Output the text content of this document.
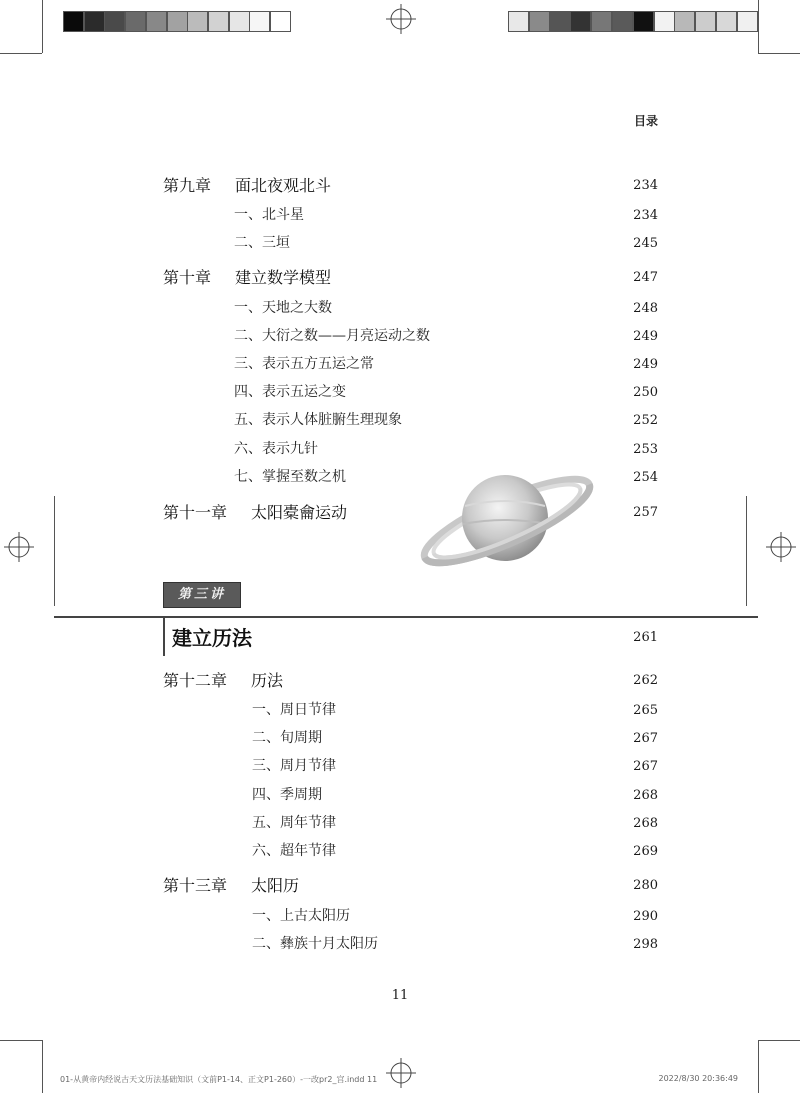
目录
第九章 面北夜观北斗	234
一、北斗星	234
二、三垣	245
第十章 建立数学模型	247
一、天地之大数	248
二、大衍之数——月亮运动之数	249
三、表示五方五运之常	249
四、表示五运之变	250
五、表示人体脏腑生理现象	252
六、表示九针	253
七、掌握至数之机	254
第十一章 太阳橐龠运动	257
第三讲
建立历法	261
第十二章 历法	262
一、周日节律	265
二、旬周期	267
三、周月节律	267
四、季周期	268
五、周年节律	268
六、超年节律	269
第十三章 太阳历	280
一、上古太阳历	290
二、彝族十月太阳历	298
11
01-从黄帝内经说古天文历法基础知识（文前P1-14、正文P1-260）-一改pr2_宫.indd 11	2022/8/30 20:36:49
